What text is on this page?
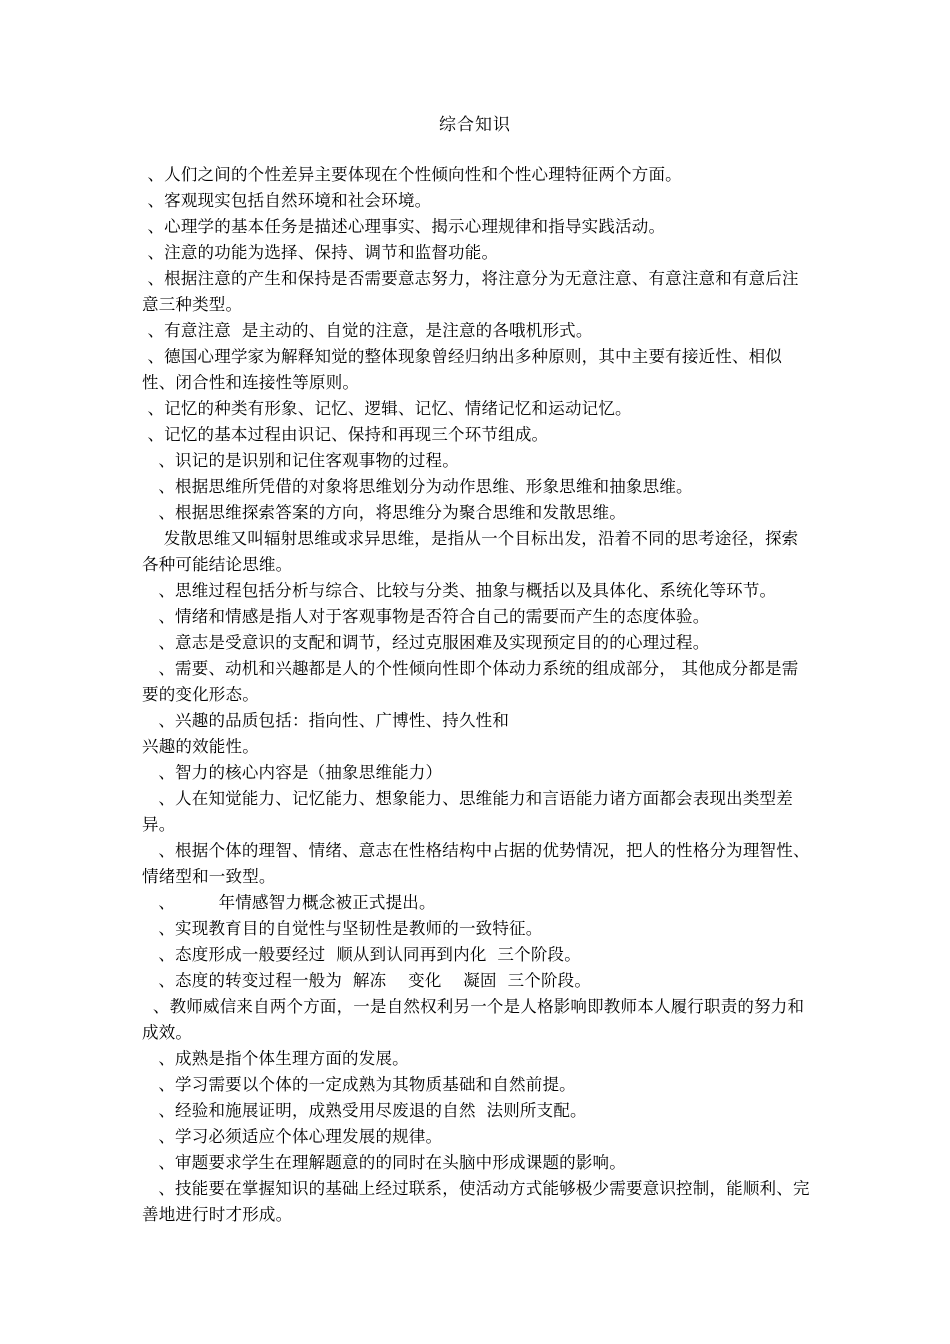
综合知识

、人们之间的个性差异主要体现在个性倾向性和个性心理特征两个方面。

、客观现实包括自然环境和社会环境。

、心理学的基本任务是描述心理事实、揭示心理规律和指导实践活动。

、注意的功能为选择、保持、调节和监督功能。

、根据注意的产生和保持是否需要意志努力，将注意分为无意注意、有意注意和有意后注意三种类型。

、有意注意  是主动的、自觉的注意，是注意的各哦机形式。

、德国心理学家为解释知觉的整体现象曾经归纳出多种原则，其中主要有接近性、相似性、闭合性和连接性等原则。

、记忆的种类有形象、记忆、逻辑、记忆、情绪记忆和运动记忆。

、记忆的基本过程由识记、保持和再现三个环节组成。

、识记的是识别和记住客观事物的过程。

、根据思维所凭借的对象将思维划分为动作思维、形象思维和抽象思维。

、根据思维探索答案的方向，将思维分为聚合思维和发散思维。

发散思维又叫辐射思维或求异思维，是指从一个目标出发，沿着不同的思考途径，探索各种可能结论思维。

、思维过程包括分析与综合、比较与分类、抽象与概括以及具体化、系统化等环节。

、情绪和情感是指人对于客观事物是否符合自己的需要而产生的态度体验。

、意志是受意识的支配和调节，经过克服困难及实现预定目的的心理过程。

、需要、动机和兴趣都是人的个性倾向性即个体动力系统的组成部分， 其他成分都是需要的变化形态。

、兴趣的品质包括：指向性、广博性、持久性和
兴趣的效能性。

、智力的核心内容是（抽象思维能力）

、人在知觉能力、记忆能力、想象能力、思维能力和言语能力诸方面都会表现出类型差异。

、根据个体的理智、情绪、意志在性格结构中占据的优势情况，把人的性格分为理智性、情绪型和一致型。

、        年情感智力概念被正式提出。

、实现教育目的自觉性与坚韧性是教师的一致特征。

、态度形成一般要经过  顺从到认同再到内化  三个阶段。

、态度的转变过程一般为  解冻    变化    凝固  三个阶段。

、教师威信来自两个方面，一是自然权利另一个是人格影响即教师本人履行职责的努力和成效。

、成熟是指个体生理方面的发展。

、学习需要以个体的一定成熟为其物质基础和自然前提。

、经验和施展证明，成熟受用尽废退的自然  法则所支配。

、学习必须适应个体心理发展的规律。

、审题要求学生在理解题意的的同时在头脑中形成课题的影响。

、技能要在掌握知识的基础上经过联系，使活动方式能够极少需要意识控制，能顺利、完善地进行时才形成。
